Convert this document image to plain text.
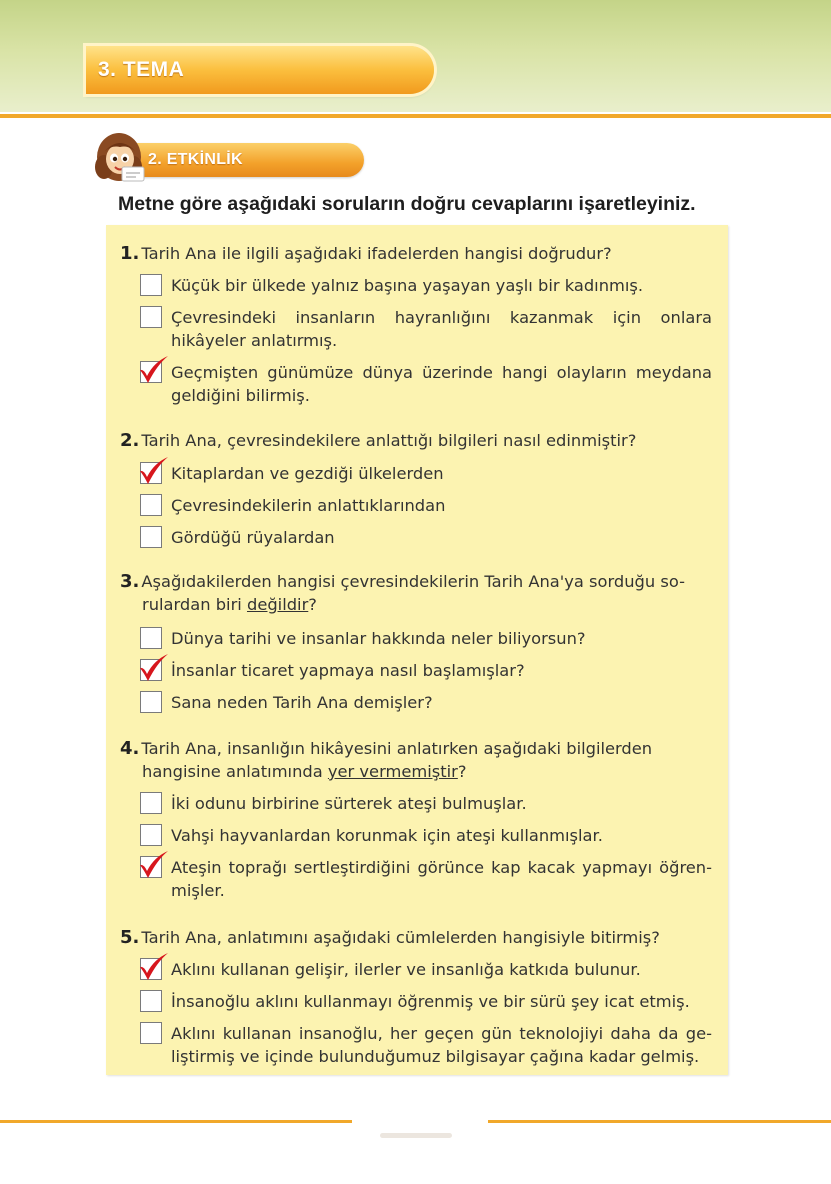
3. TEMA
2. ETKİNLİK
Metne göre aşağıdaki soruların doğru cevaplarını işaretleyiniz.
1. Tarih Ana ile ilgili aşağıdaki ifadelerden hangisi doğrudur?
Küçük bir ülkede yalnız başına yaşayan yaşlı bir kadınmış.
Çevresindeki insanların hayranlığını kazanmak için onlara hikâyeler anlatırmış.
Geçmişten günümüze dünya üzerinde hangi olayların meydana geldiğini bilirmiş.
2. Tarih Ana, çevresindekilere anlattığı bilgileri nasıl edinmiştir?
Kitaplardan ve gezdiği ülkelerden
Çevresindekilerin anlattıklarından
Gördüğü rüyalardan
3. Aşağıdakilerden hangisi çevresindekilerin Tarih Ana'ya sorduğu so-
rulardan biri değildir?
Dünya tarihi ve insanlar hakkında neler biliyorsun?
İnsanlar ticaret yapmaya nasıl başlamışlar?
Sana neden Tarih Ana demişler?
4. Tarih Ana, insanlığın hikâyesini anlatırken aşağıdaki bilgilerden
hangisine anlatımında yer vermemiştir?
İki odunu birbirine sürterek ateşi bulmuşlar.
Vahşi hayvanlardan korunmak için ateşi kullanmışlar.
Ateşin toprağı sertleştirdiğini görünce kap kacak yapmayı öğren-mişler.
5. Tarih Ana, anlatımını aşağıdaki cümlelerden hangisiyle bitirmiş?
Aklını kullanan gelişir, ilerler ve insanlığa katkıda bulunur.
İnsanoğlu aklını kullanmayı öğrenmiş ve bir sürü şey icat etmiş.
Aklını kullanan insanoğlu, her geçen gün teknolojiyi daha da ge-liştirmiş ve içinde bulunduğumuz bilgisayar çağına kadar gelmiş.
